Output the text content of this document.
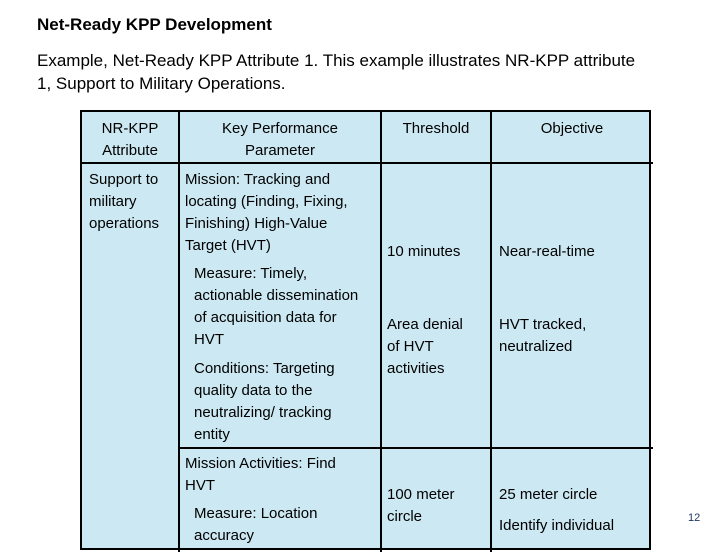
Net-Ready KPP Development
Example, Net-Ready KPP Attribute 1. This example illustrates NR-KPP attribute 1, Support to Military Operations.
NR-KPP
Attribute
Key Performance
Parameter
Threshold	Objective
Support to
military
operations
Mission: Tracking and
locating (Finding, Fixing,
Finishing) High-Value
Target (HVT)
Measure: Timely,
actionable dissemination
of acquisition data for
HVT
Conditions: Targeting
quality data to the
neutralizing/ tracking
entity
Mission Activities: Find
HVT
Measure: Location
accuracy
10 minutes
Area denial
of HVT
activities
100 meter
circle
Near-real-time
HVT tracked,
neutralized
25 meter circle
Identify individual	12
